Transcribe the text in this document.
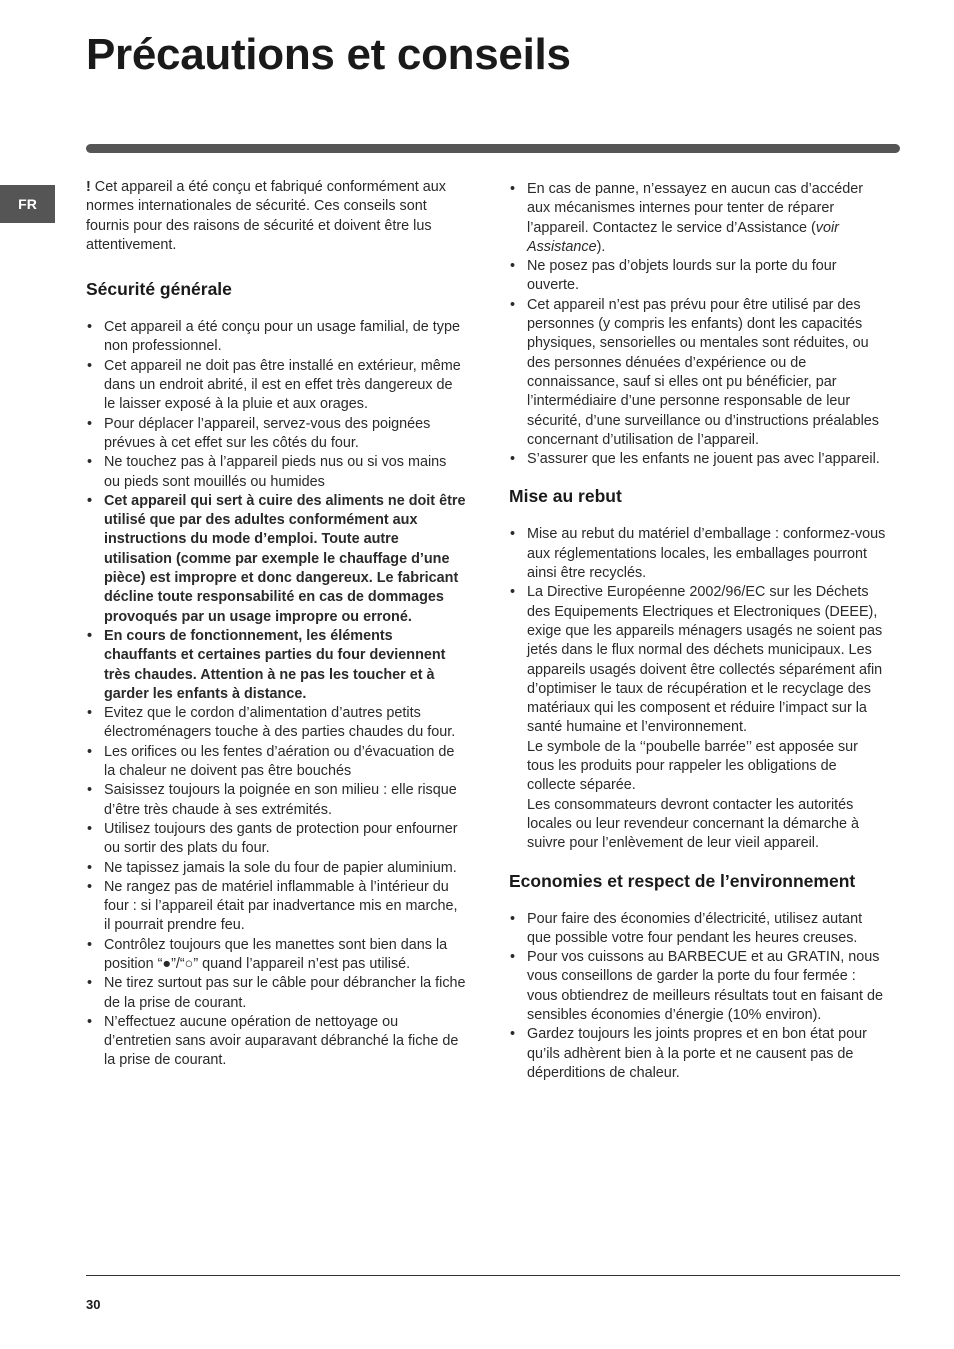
Précautions et conseils
FR

! Cet appareil a été conçu et fabriqué conformément aux normes internationales de sécurité. Ces conseils sont fournis pour des raisons de sécurité et doivent être lus attentivement.

Sécurité générale
• Cet appareil a été conçu pour un usage familial, de type non professionnel.
• Cet appareil ne doit pas être installé en extérieur, même dans un endroit abrité, il est en effet très dangereux de le laisser exposé à la pluie et aux orages.
• Pour déplacer l’appareil, servez-vous des poignées prévues à cet effet sur les côtés du four.
• Ne touchez pas à l’appareil pieds nus ou si vos mains ou pieds sont mouillés ou humides
• Cet appareil qui sert à cuire des aliments ne doit être utilisé que par des adultes conformément aux instructions du mode d’emploi. Toute autre utilisation (comme par exemple le chauffage d’une pièce) est impropre et donc dangereux. Le fabricant décline toute responsabilité en cas de dommages provoqués par un usage impropre ou erroné.
• En cours de fonctionnement, les éléments chauffants et certaines parties du four deviennent très chaudes. Attention à ne pas les toucher et à garder les enfants à distance.
• Evitez que le cordon d’alimentation d’autres petits électroménagers touche à des parties chaudes du four.
• Les orifices ou les fentes d’aération ou d’évacuation de la chaleur ne doivent pas être bouchés
• Saisissez toujours la poignée en son milieu : elle risque d’être très chaude à ses extrémités.
• Utilisez toujours des gants de protection pour enfourner ou sortir des plats du four.
• Ne tapissez jamais la sole du four de papier aluminium.
• Ne rangez pas de matériel inflammable à l’intérieur du four : si l’appareil était par inadvertance mis en marche, il pourrait prendre feu.
• Contrôlez toujours que les manettes sont bien dans la position “●”/“○” quand l’appareil n’est pas utilisé.
• Ne tirez surtout pas sur le câble pour débrancher la fiche de la prise de courant.
• N’effectuez aucune opération de nettoyage ou d’entretien sans avoir auparavant débranché la fiche de la prise de courant.
• En cas de panne, n’essayez en aucun cas d’accéder aux mécanismes internes pour tenter de réparer l’appareil. Contactez le service d’Assistance (voir Assistance).
• Ne posez pas d’objets lourds sur la porte du four ouverte.
• Cet appareil n’est pas prévu pour être utilisé par des personnes (y compris les enfants) dont les capacités physiques, sensorielles ou mentales sont réduites, ou des personnes dénuées d’expérience ou de connaissance, sauf si elles ont pu bénéficier, par l’intermédiaire d’une personne responsable de leur sécurité, d’une surveillance ou d’instructions préalables concernant d’utilisation de l’appareil.
• S’assurer que les enfants ne jouent pas avec l’appareil.
Mise au rebut
• Mise au rebut du matériel d’emballage : conformez-vous aux réglementations locales, les emballages pourront ainsi être recyclés.
• La Directive Européenne 2002/96/EC sur les Déchets des Equipements Electriques et Electroniques (DEEE), exige que les appareils ménagers usagés ne soient pas jetés dans le flux normal des déchets municipaux. Les appareils usagés doivent être collectés séparément afin d’optimiser le taux de récupération et le recyclage des matériaux qui les composent et réduire l’impact sur la santé humaine et l’environnement.
Le symbole de la ‘‘poubelle barrée’’ est apposée sur tous les produits pour rappeler les obligations de collecte séparée.
Les consommateurs devront contacter les autorités locales ou leur revendeur concernant la démarche à suivre pour l’enlèvement de leur vieil appareil.
Economies et respect de l’environnement
• Pour faire des économies d’électricité, utilisez autant que possible votre four pendant les heures creuses.
• Pour vos cuissons au BARBECUE et au GRATIN, nous vous conseillons de garder la porte du four fermée : vous obtiendrez de meilleurs résultats tout en faisant de sensibles économies d’énergie (10% environ).
• Gardez toujours les joints propres et en bon état pour qu’ils adhèrent bien à la porte et ne causent pas de déperditions de chaleur.
30
